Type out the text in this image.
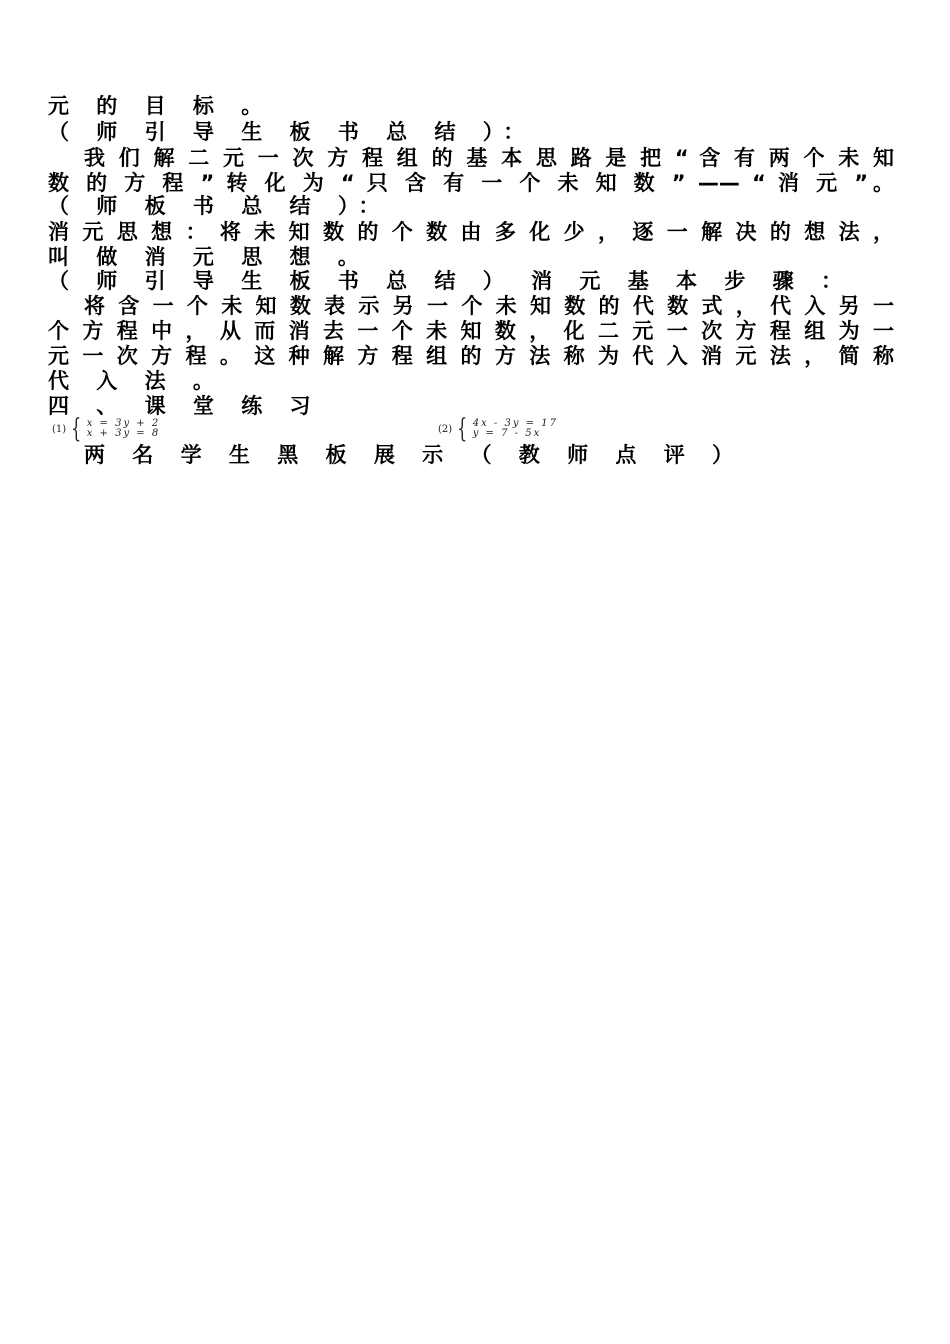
元 的 目 标 。
（ 师 引 导 生 板 书 总 结 ）：
我 们 解 二 元 一 次 方 程 组 的 基 本 思 路 是 把 “ 含 有 两 个 未 知
数 的 方 程 ” 转 化 为 “ 只 含 有 一 个 未 知 数 ” —— “ 消 元 ”。
（ 师 板 书 总 结 ）：
消 元 思 想 ： 将 未 知 数 的 个 数 由 多 化 少 ， 逐 一 解 决 的 想 法 ，
叫 做 消 元 思 想 。
（ 师 引 导 生 板 书 总 结 ） 消 元 基 本 步 骤 ：
将 含 一 个 未 知 数 表 示 另 一 个 未 知 数 的 代 数 式 ， 代 入 另 一
个 方 程 中 ， 从 而 消 去 一 个 未 知 数 ， 化 二 元 一 次 方 程 组 为 一
元 一 次 方 程 。 这 种 解 方 程 组 的 方 法 称 为 代 入 消 元 法 ， 简 称
代 入 法 。
四 、 课 堂 练 习
(1) { x = 3y + 2
x + 3y = 8	(2) { 4x - 3y = 17
y = 7 - 5x
两 名 学 生 黑 板 展 示 （ 教 师 点 评 ）
